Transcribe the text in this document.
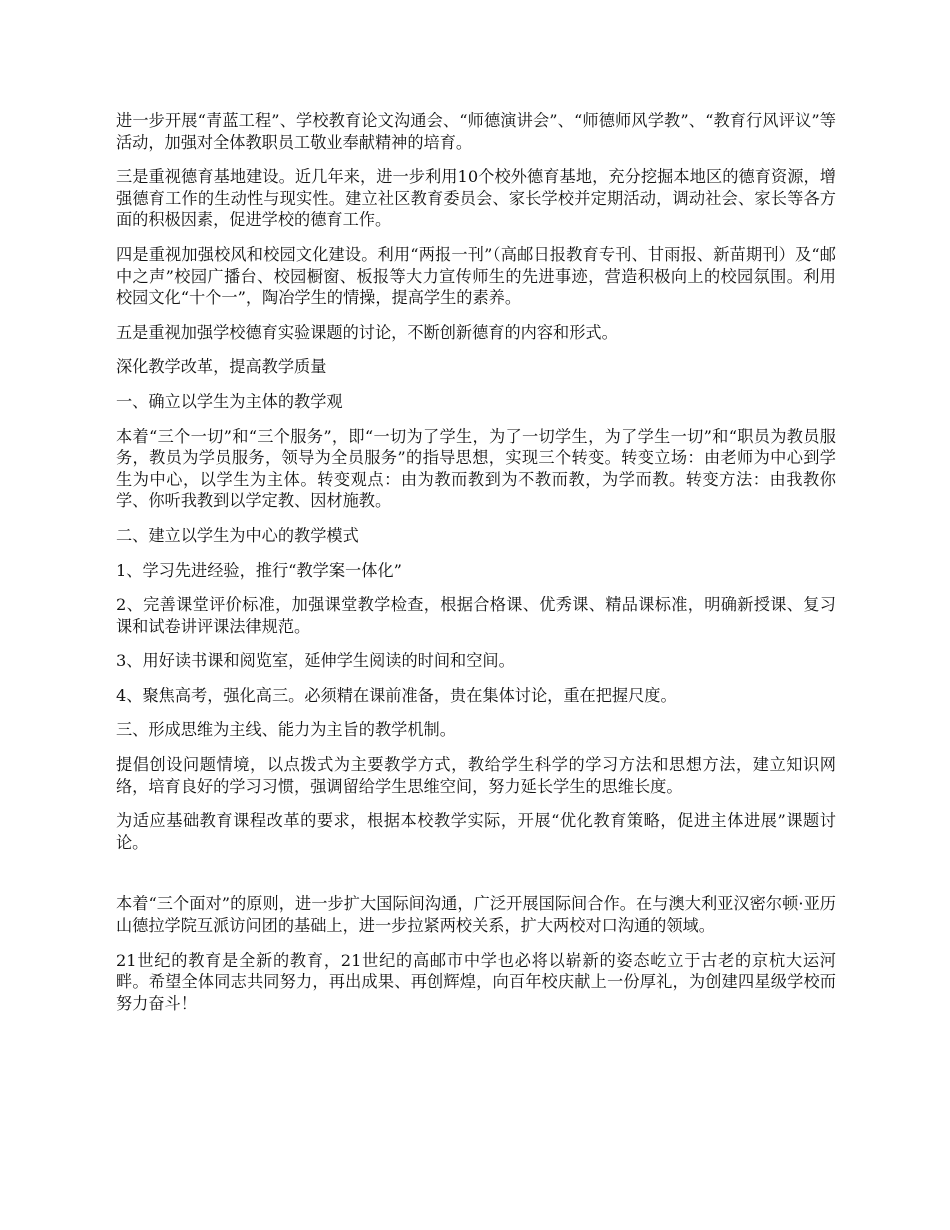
进一步开展“青蓝工程”、学校教育论文沟通会、“师德演讲会”、“师德师风学教”、“教育行风评议”等活动，加强对全体教职员工敬业奉献精神的培育。

三是重视德育基地建设。近几年来，进一步利用10个校外德育基地，充分挖掘本地区的德育资源，增强德育工作的生动性与现实性。建立社区教育委员会、家长学校并定期活动，调动社会、家长等各方面的积极因素，促进学校的德育工作。

四是重视加强校风和校园文化建设。利用“两报一刊”（高邮日报教育专刊、甘雨报、新苗期刊）及“邮中之声”校园广播台、校园橱窗、板报等大力宣传师生的先进事迹，营造积极向上的校园氛围。利用校园文化“十个一”，陶冶学生的情操，提高学生的素养。

五是重视加强学校德育实验课题的讨论，不断创新德育的内容和形式。

深化教学改革，提高教学质量

一、确立以学生为主体的教学观

本着“三个一切”和“三个服务”，即“一切为了学生，为了一切学生，为了学生一切”和“职员为教员服务，教员为学员服务，领导为全员服务”的指导思想，实现三个转变。转变立场：由老师为中心到学生为中心，以学生为主体。转变观点：由为教而教到为不教而教，为学而教。转变方法：由我教你学、你听我教到以学定教、因材施教。

二、建立以学生为中心的教学模式

1、学习先进经验，推行“教学案一体化”

2、完善课堂评价标准，加强课堂教学检查，根据合格课、优秀课、精品课标准，明确新授课、复习课和试卷讲评课法律规范。

3、用好读书课和阅览室，延伸学生阅读的时间和空间。

4、聚焦高考，强化高三。必须精在课前准备，贵在集体讨论，重在把握尺度。

三、形成思维为主线、能力为主旨的教学机制。

提倡创设问题情境，以点拨式为主要教学方式，教给学生科学的学习方法和思想方法，建立知识网络，培育良好的学习习惯，强调留给学生思维空间，努力延长学生的思维长度。

为适应基础教育课程改革的要求，根据本校教学实际，开展“优化教育策略，促进主体进展”课题讨论。

本着“三个面对”的原则，进一步扩大国际间沟通，广泛开展国际间合作。在与澳大利亚汉密尔顿·亚历山德拉学院互派访问团的基础上，进一步拉紧两校关系，扩大两校对口沟通的领域。

21世纪的教育是全新的教育，21世纪的高邮市中学也必将以崭新的姿态屹立于古老的京杭大运河畔。希望全体同志共同努力，再出成果、再创辉煌，向百年校庆献上一份厚礼，为创建四星级学校而努力奋斗！
